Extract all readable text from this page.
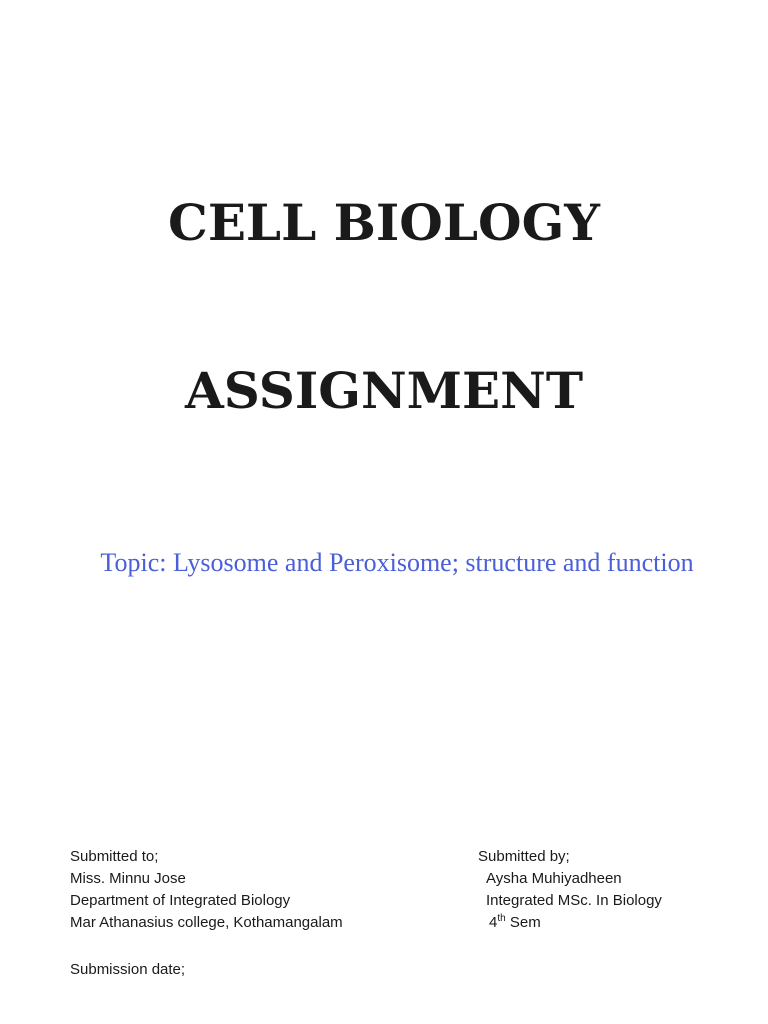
CELL BIOLOGY
ASSIGNMENT

Topic: Lysosome and Peroxisome; structure and function

Submitted to;
Miss. Minnu Jose
Department of Integrated Biology
Mar Athanasius college, Kothamangalam
Submitted by;
Aysha Muhiyadheen
Integrated MSc. In Biology
4th Sem
Submission date;
